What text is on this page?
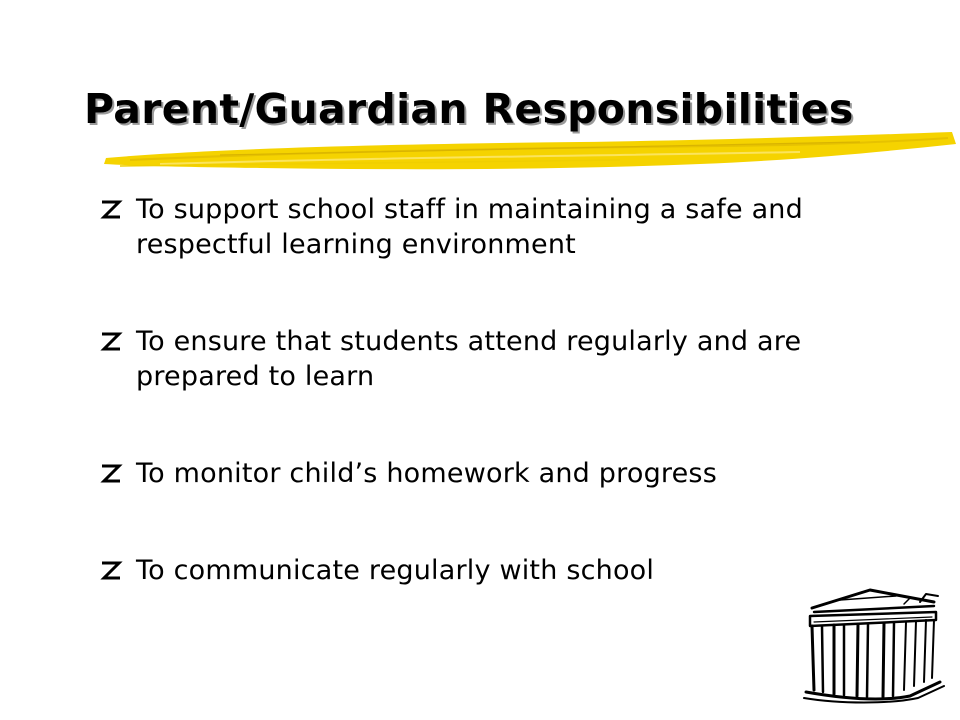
Parent/Guardian Responsibilities
To support school staff in maintaining a safe and respectful learning environment
To ensure that students attend regularly and are prepared to learn
To monitor child’s homework and progress
To communicate regularly with school
